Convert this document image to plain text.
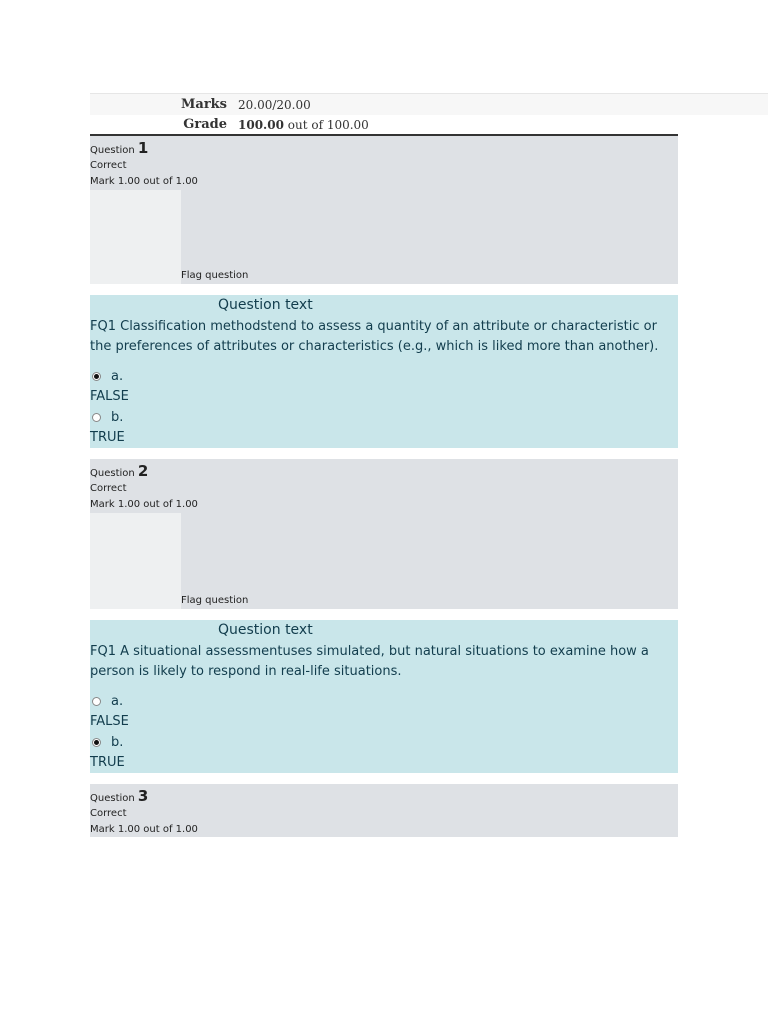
Marks 20.00/20.00
Grade 100.00 out of 100.00
Question 1
Correct
Mark 1.00 out of 1.00
Flag question
Question text
FQ1 Classification methodstend to assess a quantity of an attribute or characteristic or the preferences of attributes or characteristics (e.g., which is liked more than another).
a.
FALSE
b.
TRUE
Question 2
Correct
Mark 1.00 out of 1.00
Flag question
Question text
FQ1 A situational assessmentuses simulated, but natural situations to examine how a person is likely to respond in real-life situations.
a.
FALSE
b.
TRUE
Question 3
Correct
Mark 1.00 out of 1.00
